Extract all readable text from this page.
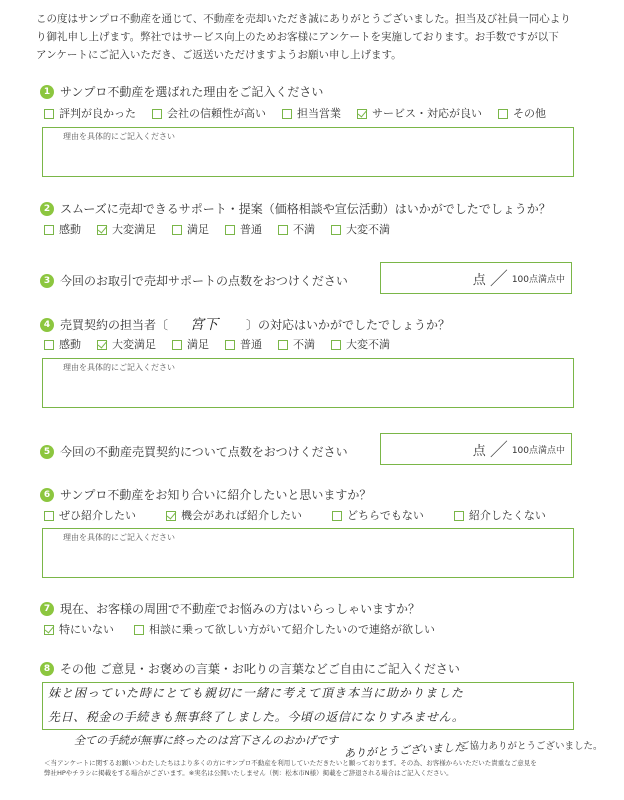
この度はサンプロ不動産を通じて、不動産を売却いただき誠にありがとうございました。担当及び社員一同心より
り御礼申し上げます。弊社ではサービス向上のためお客様にアンケートを実施しております。お手数ですが以下
アンケートにご記入いただき、ご返送いただけますようお願い申し上げます。
1 サンプロ不動産を選ばれた理由をご記入ください
評判が良かった	会社の信頼性が高い	担当営業	サービス・対応が良い	その他
理由を具体的にご記入ください
2 スムーズに売却できるサポート・提案（価格相談や宣伝活動）はいかがでしたでしょうか？
感動	大変満足	満足	普通	不満	大変不満
3 今回のお取引で売却サポートの点数をおつけください	点 ／ 100点満点中
4 売買契約の担当者〔 宮下 〕の対応はいかがでしたでしょうか？
感動	大変満足	満足	普通	不満	大変不満
理由を具体的にご記入ください
5 今回の不動産売買契約について点数をおつけください	点 ／ 100点満点中
6 サンプロ不動産をお知り合いに紹介したいと思いますか？
ぜひ紹介したい	機会があれば紹介したい	どちらでもない	紹介したくない
理由を具体的にご記入ください
7 現在、お客様の周囲で不動産でお悩みの方はいらっしゃいますか？
特にいない	相談に乗って欲しい方がいて紹介したいので連絡が欲しい
8 その他 ご意見・お褒めの言葉・お叱りの言葉などご自由にご記入ください
妹と困っていた時にとても親切に一緒に考えて頂き本当に助かりました
先日、税金の手続きも無事終了しました。今頃の返信になりすみません。
全ての手続が無事に終ったのは宮下さんのおかげです
ありがとうございました
ご協力ありがとうございました。
＜当アンケートに関するお願い＞わたしたちはより多くの方にサンプロ不動産を利用していただきたいと願っております。その為、お客様からいただいた貴重なご意見を
弊社HPやチラシに掲載をする場合がございます。※実名は公開いたしません（例：松本市N様）掲載をご辞退される場合はご記入ください。
